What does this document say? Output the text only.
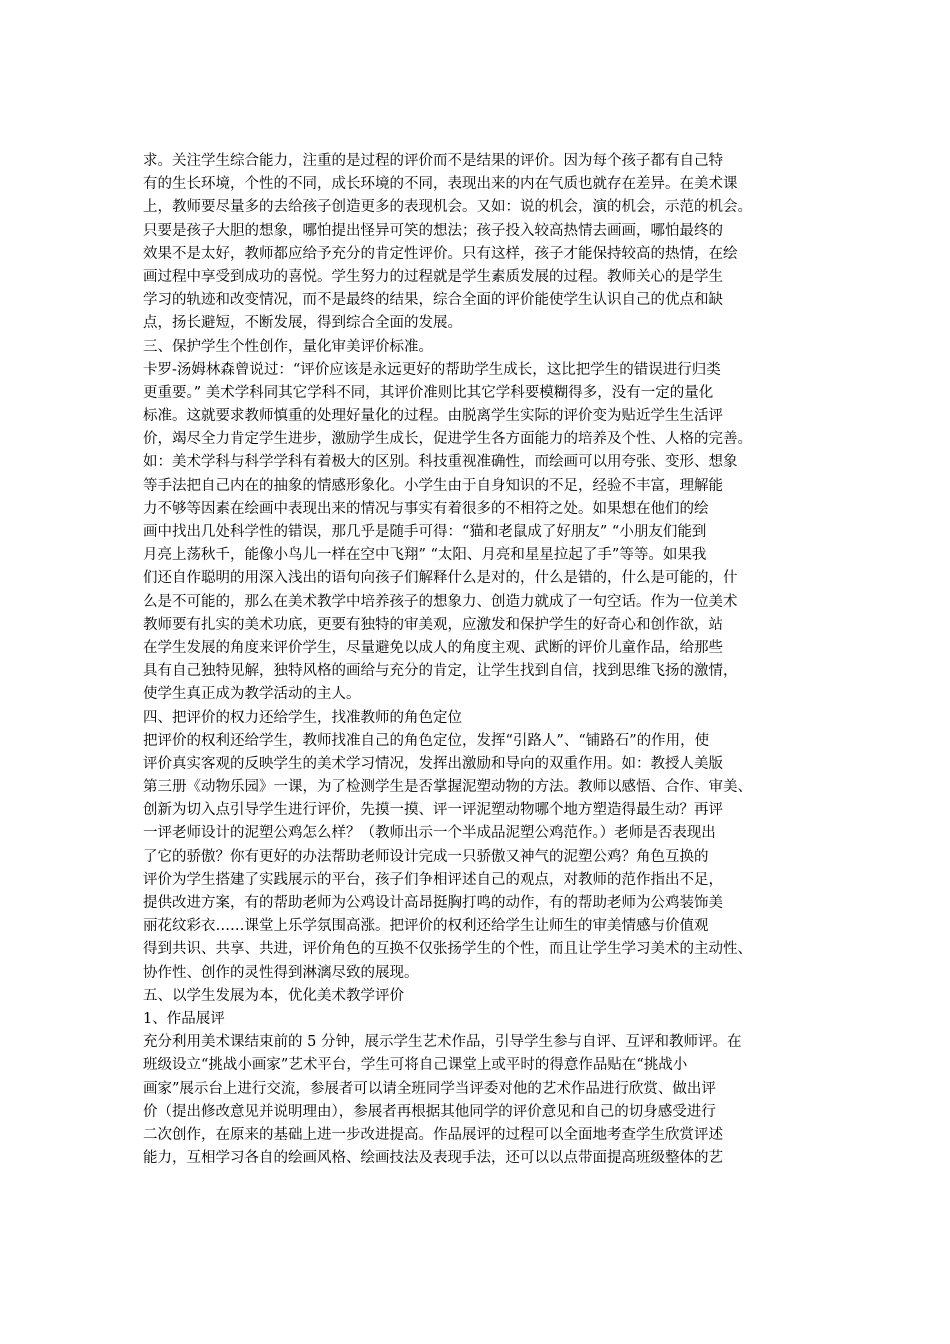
求。关注学生综合能力，注重的是过程的评价而不是结果的评价。因为每个孩子都有自己特
有的生长环境，个性的不同，成长环境的不同，表现出来的内在气质也就存在差异。在美术课
上，教师要尽量多的去给孩子创造更多的表现机会。又如：说的机会，演的机会，示范的机会。
只要是孩子大胆的想象，哪怕提出怪异可笑的想法；孩子投入较高热情去画画，哪怕最终的
效果不是太好，教师都应给予充分的肯定性评价。只有这样，孩子才能保持较高的热情，在绘
画过程中享受到成功的喜悦。学生努力的过程就是学生素质发展的过程。教师关心的是学生
学习的轨迹和改变情况，而不是最终的结果，综合全面的评价能使学生认识自己的优点和缺
点，扬长避短，不断发展，得到综合全面的发展。
三、保护学生个性创作，量化审美评价标准。
卡罗-汤姆林森曾说过：“评价应该是永远更好的帮助学生成长，这比把学生的错误进行归类
更重要。” 美术学科同其它学科不同，其评价准则比其它学科要模糊得多，没有一定的量化
标准。这就要求教师慎重的处理好量化的过程。由脱离学生实际的评价变为贴近学生生活评
价，竭尽全力肯定学生进步，激励学生成长，促进学生各方面能力的培养及个性、人格的完善。
如：美术学科与科学学科有着极大的区别。科技重视准确性，而绘画可以用夸张、变形、想象
等手法把自己内在的抽象的情感形象化。小学生由于自身知识的不足，经验不丰富，理解能
力不够等因素在绘画中表现出来的情况与事实有着很多的不相符之处。如果想在他们的绘
画中找出几处科学性的错误，那几乎是随手可得：“猫和老鼠成了好朋友” “小朋友们能到
月亮上荡秋千，能像小鸟儿一样在空中飞翔” “太阳、月亮和星星拉起了手”等等。如果我
们还自作聪明的用深入浅出的语句向孩子们解释什么是对的，什么是错的，什么是可能的，什
么是不可能的，那么在美术教学中培养孩子的想象力、创造力就成了一句空话。作为一位美术
教师要有扎实的美术功底，更要有独特的审美观，应激发和保护学生的好奇心和创作欲，站
在学生发展的角度来评价学生，尽量避免以成人的角度主观、武断的评价儿童作品，给那些
具有自己独特见解，独特风格的画给与充分的肯定，让学生找到自信，找到思维飞扬的激情，
使学生真正成为教学活动的主人。
四、把评价的权力还给学生，找准教师的角色定位
把评价的权利还给学生，教师找准自己的角色定位，发挥“引路人”、“铺路石”的作用，使
评价真实客观的反映学生的美术学习情况，发挥出激励和导向的双重作用。如：教授人美版
第三册《动物乐园》一课，为了检测学生是否掌握泥塑动物的方法。教师以感悟、合作、审美、
创新为切入点引导学生进行评价，先摸一摸、评一评泥塑动物哪个地方塑造得最生动？再评
一评老师设计的泥塑公鸡怎么样？（教师出示一个半成品泥塑公鸡范作。）老师是否表现出
了它的骄傲？你有更好的办法帮助老师设计完成一只骄傲又神气的泥塑公鸡？角色互换的
评价为学生搭建了实践展示的平台，孩子们争相评述自己的观点，对教师的范作指出不足，
提供改进方案，有的帮助老师为公鸡设计高昂挺胸打鸣的动作，有的帮助老师为公鸡装饰美
丽花纹彩衣……课堂上乐学氛围高涨。把评价的权利还给学生让师生的审美情感与价值观
得到共识、共享、共进，评价角色的互换不仅张扬学生的个性，而且让学生学习美术的主动性、
协作性、创作的灵性得到淋漓尽致的展现。
五、以学生发展为本，优化美术教学评价
1、作品展评
充分利用美术课结束前的 5 分钟，展示学生艺术作品，引导学生参与自评、互评和教师评。在
班级设立“挑战小画家”艺术平台，学生可将自己课堂上或平时的得意作品贴在“挑战小
画家”展示台上进行交流，参展者可以请全班同学当评委对他的艺术作品进行欣赏、做出评
价（提出修改意见并说明理由），参展者再根据其他同学的评价意见和自己的切身感受进行
二次创作，在原来的基础上进一步改进提高。作品展评的过程可以全面地考查学生欣赏评述
能力，互相学习各自的绘画风格、绘画技法及表现手法，还可以以点带面提高班级整体的艺
